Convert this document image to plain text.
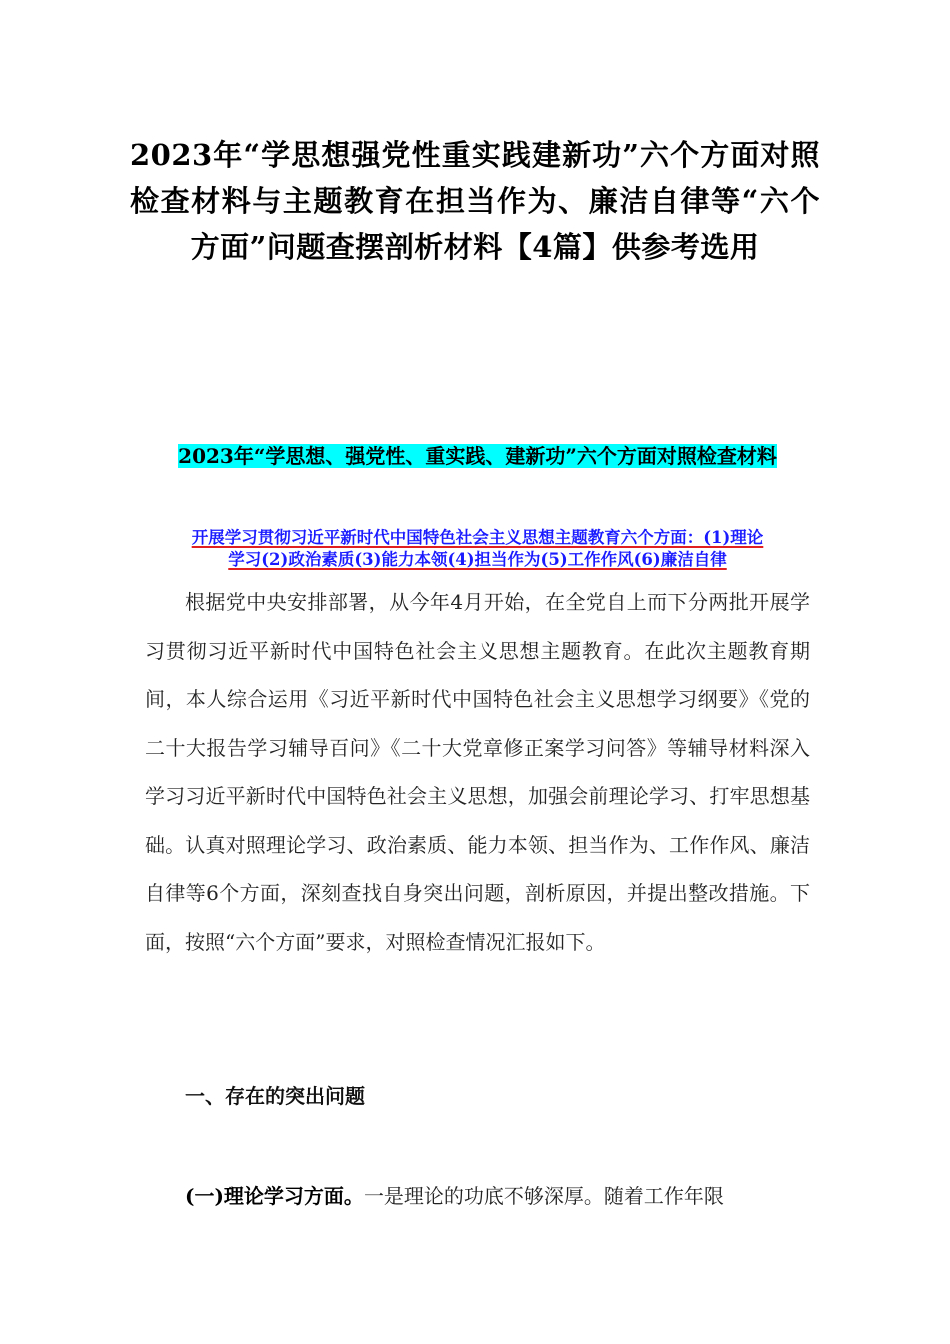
2023年“学思想强党性重实践建新功”六个方面对照检查材料与主题教育在担当作为、廉洁自律等“六个方面”问题查摆剖析材料【4篇】供参考选用
2023年“学思想、强党性、重实践、建新功”六个方面对照检查材料
开展学习贯彻习近平新时代中国特色社会主义思想主题教育六个方面：(1)理论
学习(2)政治素质(3)能力本领(4)担当作为(5)工作作风(6)廉洁自律
根据党中央安排部署，从今年4月开始，在全党自上而下分两批开展学习贯彻习近平新时代中国特色社会主义思想主题教育。在此次主题教育期间，本人综合运用《习近平新时代中国特色社会主义思想学习纲要》《党的二十大报告学习辅导百问》《二十大党章修正案学习问答》等辅导材料深入学习习近平新时代中国特色社会主义思想，加强会前理论学习、打牢思想基础。认真对照理论学习、政治素质、能力本领、担当作为、工作作风、廉洁自律等6个方面，深刻查找自身突出问题，剖析原因，并提出整改措施。下面，按照“六个方面”要求，对照检查情况汇报如下。
一、存在的突出问题
(一)理论学习方面。一是理论的功底不够深厚。随着工作年限
